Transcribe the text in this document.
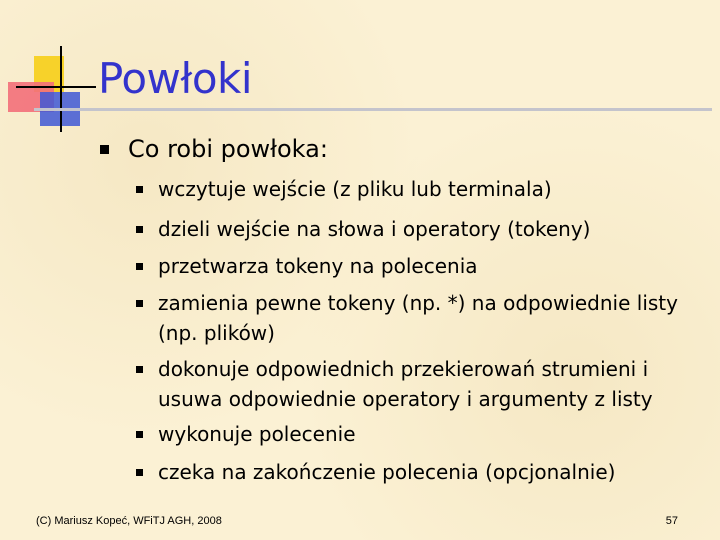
Powłoki
Co robi powłoka:
wczytuje wejście (z pliku lub terminala)
dzieli wejście na słowa i operatory (tokeny)
przetwarza tokeny na polecenia
zamienia pewne tokeny (np. *) na odpowiednie listy (np. plików)
dokonuje odpowiednich przekierowań strumieni i usuwa odpowiednie operatory i argumenty z listy
wykonuje polecenie
czeka na zakończenie polecenia (opcjonalnie)
(C) Mariusz Kopeć, WFiTJ AGH, 2008	57
